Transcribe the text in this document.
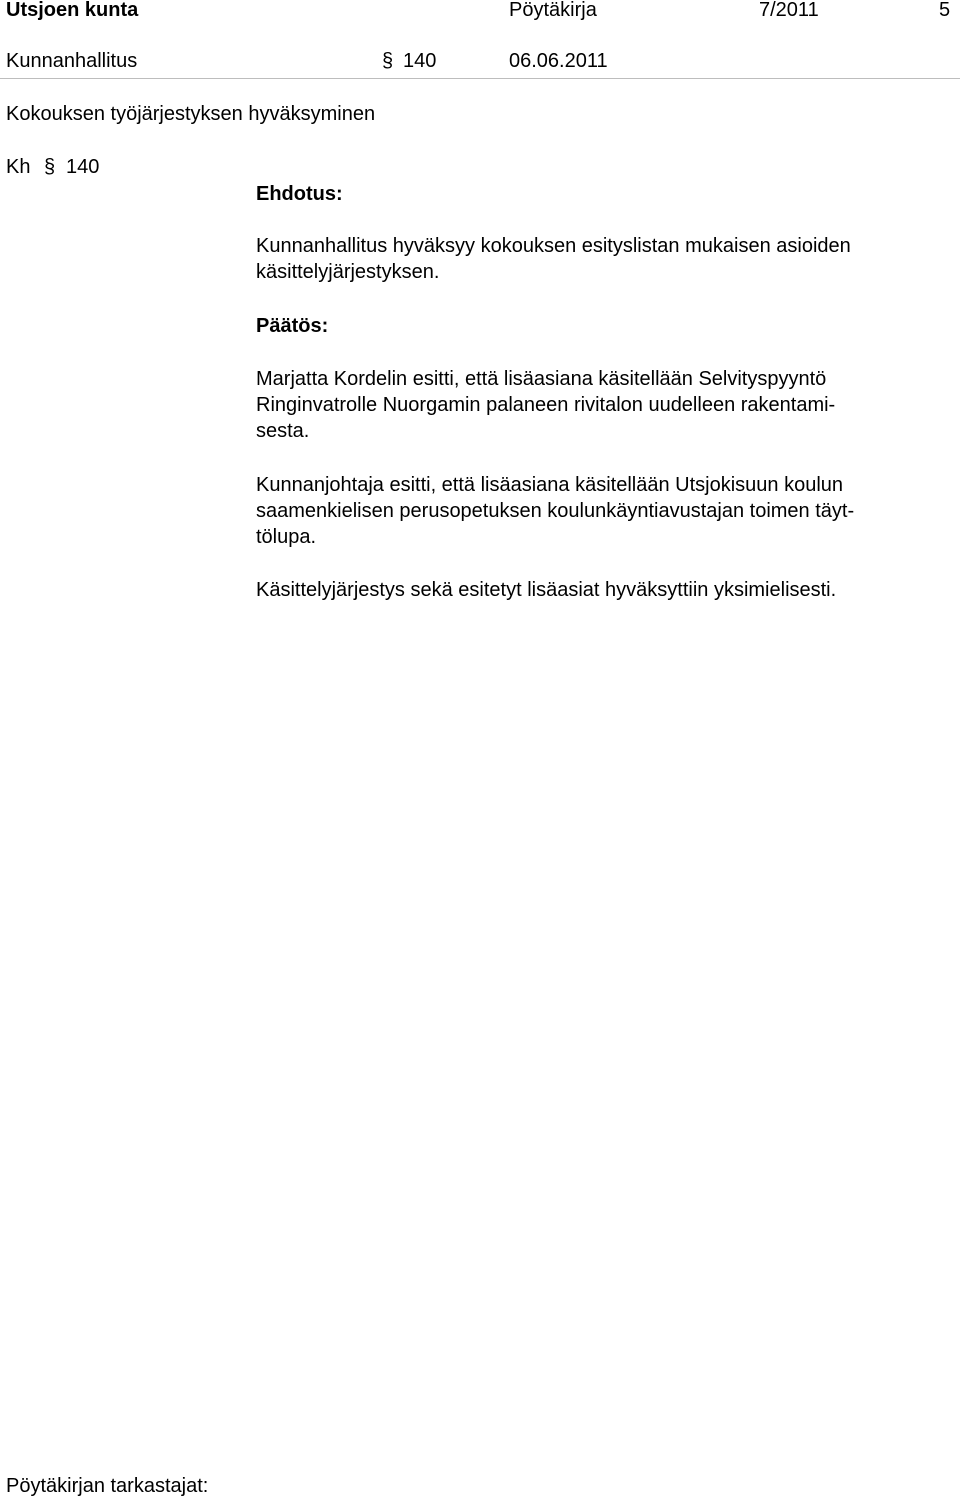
Utsjoen kunta	Pöytäkirja	7/2011	5
Kunnanhallitus	§ 140	06.06.2011
Kokouksen työjärjestyksen hyväksyminen
Kh § 140
Ehdotus:
Kunnanhallitus hyväksyy kokouksen esityslistan mukaisen asioiden
käsittelyjärjestyksen.
Päätös:
Marjatta Kordelin esitti, että lisäasiana käsitellään Selvityspyyntö
Ringinvatrolle Nuorgamin palaneen rivitalon uudelleen rakentami-
sesta.
Kunnanjohtaja esitti, että lisäasiana käsitellään Utsjokisuun koulun
saamenkielisen perusopetuksen koulunkäyntiavustajan toimen täyt-
tölupa.
Käsittelyjärjestys sekä esitetyt lisäasiat hyväksyttiin yksimielisesti.
Pöytäkirjan tarkastajat:
